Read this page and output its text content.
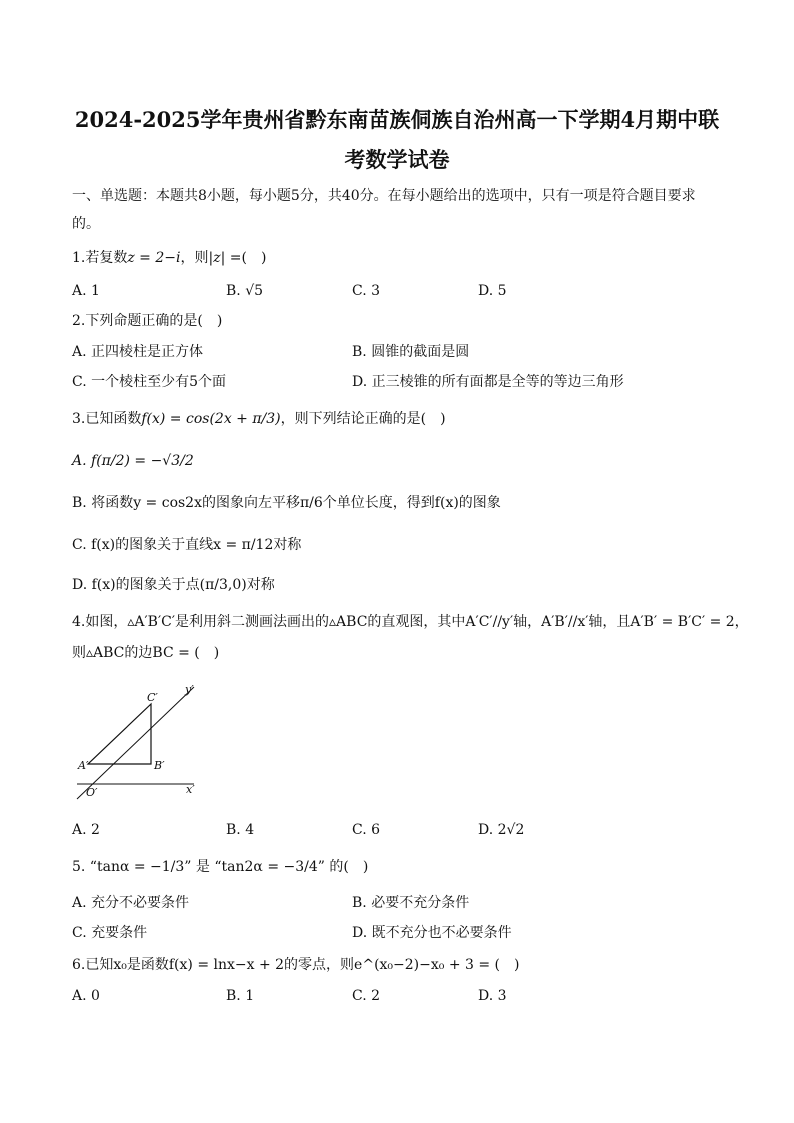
2024-2025学年贵州省黔东南苗族侗族自治州高一下学期4月期中联
考数学试卷
一、单选题：本题共8小题，每小题5分，共40分。在每小题给出的选项中，只有一项是符合题目要求
的。
1.若复数z = 2−i，则|z| =(　)
A. 1	B. √5	C. 3	D. 5
2.下列命题正确的是(　)
A. 正四棱柱是正方体	B. 圆锥的截面是圆
C. 一个棱柱至少有5个面	D. 正三棱锥的所有面都是全等的等边三角形
3.已知函数f(x) = cos(2x + π/3)，则下列结论正确的是(　)
A. f(π/2) = −√3/2
B. 将函数y = cos2x的图象向左平移π/6个单位长度，得到f(x)的图象
C. f(x)的图象关于直线x = π/12对称
D. f(x)的图象关于点(π/3,0)对称
4.如图，▵A′B′C′是利用斜二测画法画出的▵ABC的直观图，其中A′C′//y′轴，A′B′//x′轴，且A′B′ = B′C′ = 2，
则▵ABC的边BC = (　)
C′
y′
A′	B′
O′	x′
A. 2	B. 4	C. 6	D. 2√2
5. “tanα = −1/3” 是 “tan2α = −3/4” 的(　)
A. 充分不必要条件	B. 必要不充分条件
C. 充要条件	D. 既不充分也不必要条件
6.已知x₀是函数f(x) = lnx−x + 2的零点，则e^(x₀−2)−x₀ + 3 = (　)
A. 0	B. 1	C. 2	D. 3
